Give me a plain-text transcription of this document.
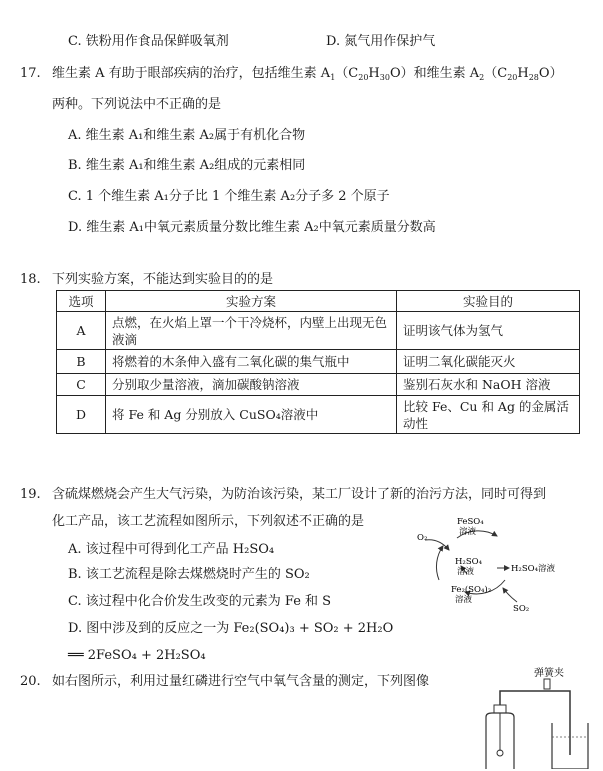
C. 铁粉用作食品保鲜吸氧剂	D. 氮气用作保护气
17. 维生素 A 有助于眼部疾病的治疗，包括维生素 $A_1(C_{20}H_{30}O)$和维生素 $A_2(C_{20}H_{28}O)$
两种。下列说法中不正确的是
A. 维生素 A₁和维生素 A₂属于有机化合物
B. 维生素 A₁和维生素 A₂组成的元素相同
C. 1 个维生素 A₁分子比 1 个维生素 A₂分子多 2 个原子
D. 维生素 A₁中氧元素质量分数比维生素 A₂中氧元素质量分数高
18. 下列实验方案，不能达到实验目的的是
选项	实验方案	实验目的
A	点燃，在火焰上罩一个干冷烧杯，内壁上出现无色液滴	证明该气体为氢气
B	将燃着的木条伸入盛有二氧化碳的集气瓶中	证明二氧化碳能灭火
C	分别取少量溶液，滴加碳酸钠溶液	鉴别石灰水和 NaOH 溶液
D	将 Fe 和 Ag 分别放入 CuSO₄溶液中	比较 Fe、Cu 和 Ag 的金属活动性
19. 含硫煤燃烧会产生大气污染，为防治该污染，某工厂设计了新的治污方法，同时可得到
化工产品，该工艺流程如图所示，下列叙述不正确的是
A. 该过程中可得到化工产品 H₂SO₄
B. 该工艺流程是除去煤燃烧时产生的 SO₂
C. 该过程中化合价发生改变的元素为 Fe 和 S
D. 图中涉及到的反应之一为 Fe₂(SO₄)₃ + SO₂ + 2H₂O
══ 2FeSO₄ + 2H₂SO₄
FeSO₄
溶液
O₂
H₂SO₄
溶液	H₂SO₄溶液
Fe₂(SO₄)₃
溶液
SO₂
20. 如右图所示，利用过量红磷进行空气中氧气含量的测定，下列图像
弹簧夹
